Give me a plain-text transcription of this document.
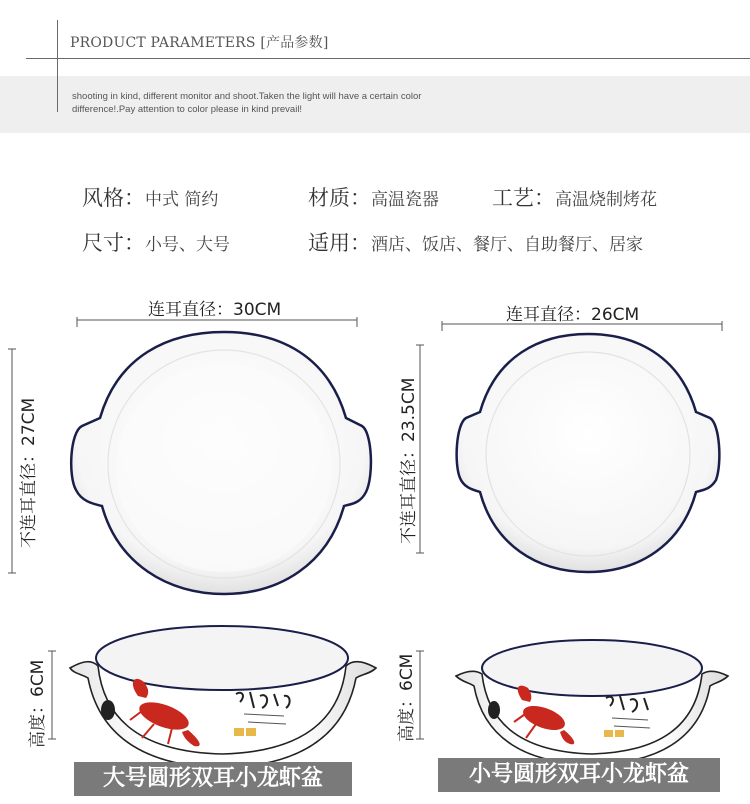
PRODUCT PARAMETERS [产品参数]
shooting in kind, different monitor and shoot.Taken the light will have a certain color
difference!.Pay attention to color please in kind prevail!
风格：中式 简约	材质：高温瓷器	工艺：高温烧制烤花
尺寸：小号、大号	适用：酒店、饭店、餐厅、自助餐厅、居家
连耳直径：30CM
不连耳直径：27CM
连耳直径：26CM
不连耳直径：23.5CM
高度：6CM	高度：6CM
大号圆形双耳小龙虾盆	小号圆形双耳小龙虾盆
